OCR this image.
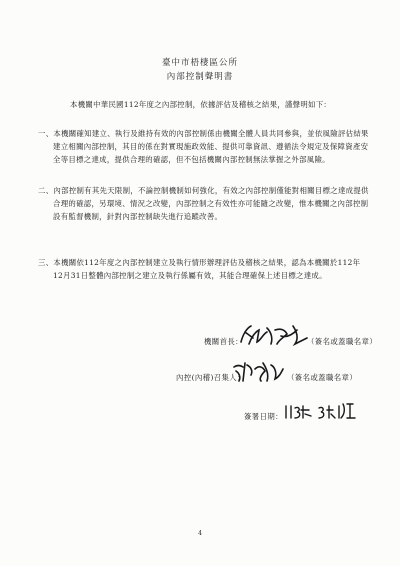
臺中市梧棲區公所
內部控制聲明書
本機關中華民國112年度之內部控制，依據評估及稽核之結果，謹聲明如下：
一、本機關確知建立、執行及維持有效的內部控制係由機關全體人員共同參與，並依風險評估結果建立相關內部控制，其目的係在對實現施政效能、提供可靠資訊、遵循法令規定及保障資產安全等目標之達成，提供合理的確認，但不包括機關內部控制無法掌握之外部風險。
二、內部控制有其先天限制，不論控制機制如何強化，有效之內部控制僅能對相關目標之達成提供合理的確認，另環境、情況之改變，內部控制之有效性亦可能隨之改變，惟本機關之內部控制設有監督機制，針對內部控制缺失進行追蹤改善。
三、本機關依112年度之內部控制建立及執行情形辦理評估及稽核之結果，認為本機關於112年12月31日整體內部控制之建立及執行係屬有效，其能合理確保上述目標之達成。
機關首長：	（簽名或蓋職名章）
內控(內稽)召集人：	（簽名或蓋職名章）
簽署日期：
4
